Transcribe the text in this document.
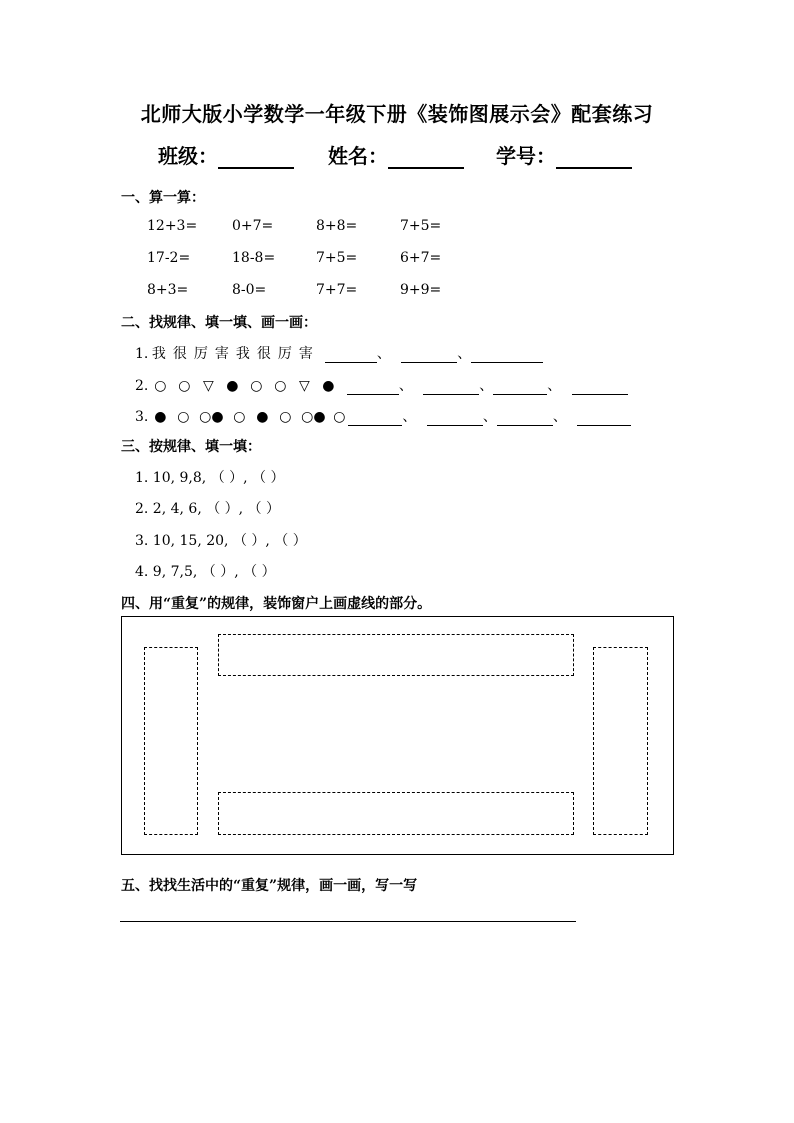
北师大版小学数学一年级下册《装饰图展示会》配套练习
班级：	姓名：	学号：
一、算一算：
12+3= 0+7=	8+8=	7+5=
17-2=	18-8=	7+5=	6+7=
8+3=	8-0=	7+7=	9+9=
二、找规律、填一填、画一画：
1. 我 很 厉 害 我 很 厉 害	、	、
2. ○ ○ ▽ ● ○ ○ ▽ ●	、	、	、
3. ● ○ ○● ○ ● ○ ○● ○	、	、	、
三、按规律、填一填：
1. 10, 9,8, （ ）, （ ）
2. 2, 4, 6, （ ）, （ ）
3. 10, 15, 20, （ ）, （ ）
4. 9, 7,5, （ ）, （ ）
四、用“重复”的规律，装饰窗户上画虚线的部分。
五、找找生活中的“重复”规律，画一画，写一写
